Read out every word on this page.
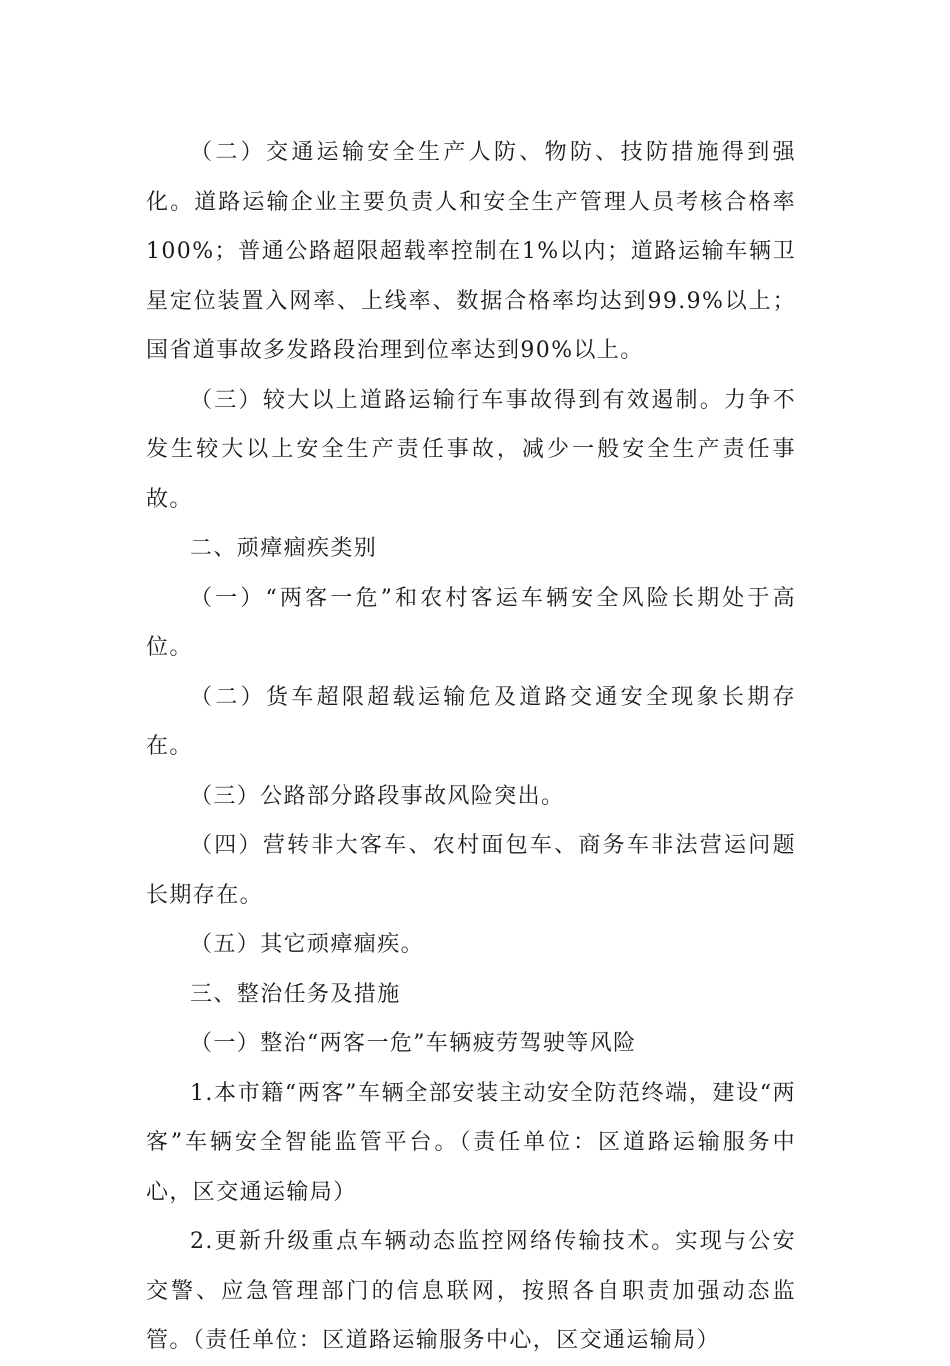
（二）交通运输安全生产人防、物防、技防措施得到强化。道路运输企业主要负责人和安全生产管理人员考核合格率100%；普通公路超限超载率控制在1%以内；道路运输车辆卫星定位装置入网率、上线率、数据合格率均达到99.9%以上；国省道事故多发路段治理到位率达到90%以上。

（三）较大以上道路运输行车事故得到有效遏制。力争不发生较大以上安全生产责任事故，减少一般安全生产责任事故。

二、顽瘴痼疾类别

（一）“两客一危”和农村客运车辆安全风险长期处于高位。

（二）货车超限超载运输危及道路交通安全现象长期存在。

（三）公路部分路段事故风险突出。

（四）营转非大客车、农村面包车、商务车非法营运问题长期存在。

（五）其它顽瘴痼疾。

三、整治任务及措施

（一）整治“两客一危”车辆疲劳驾驶等风险

1.本市籍“两客”车辆全部安装主动安全防范终端，建设“两客”车辆安全智能监管平台。（责任单位：区道路运输服务中心，区交通运输局）

2.更新升级重点车辆动态监控网络传输技术。实现与公安交警、应急管理部门的信息联网，按照各自职责加强动态监管。（责任单位：区道路运输服务中心，区交通运输局）
